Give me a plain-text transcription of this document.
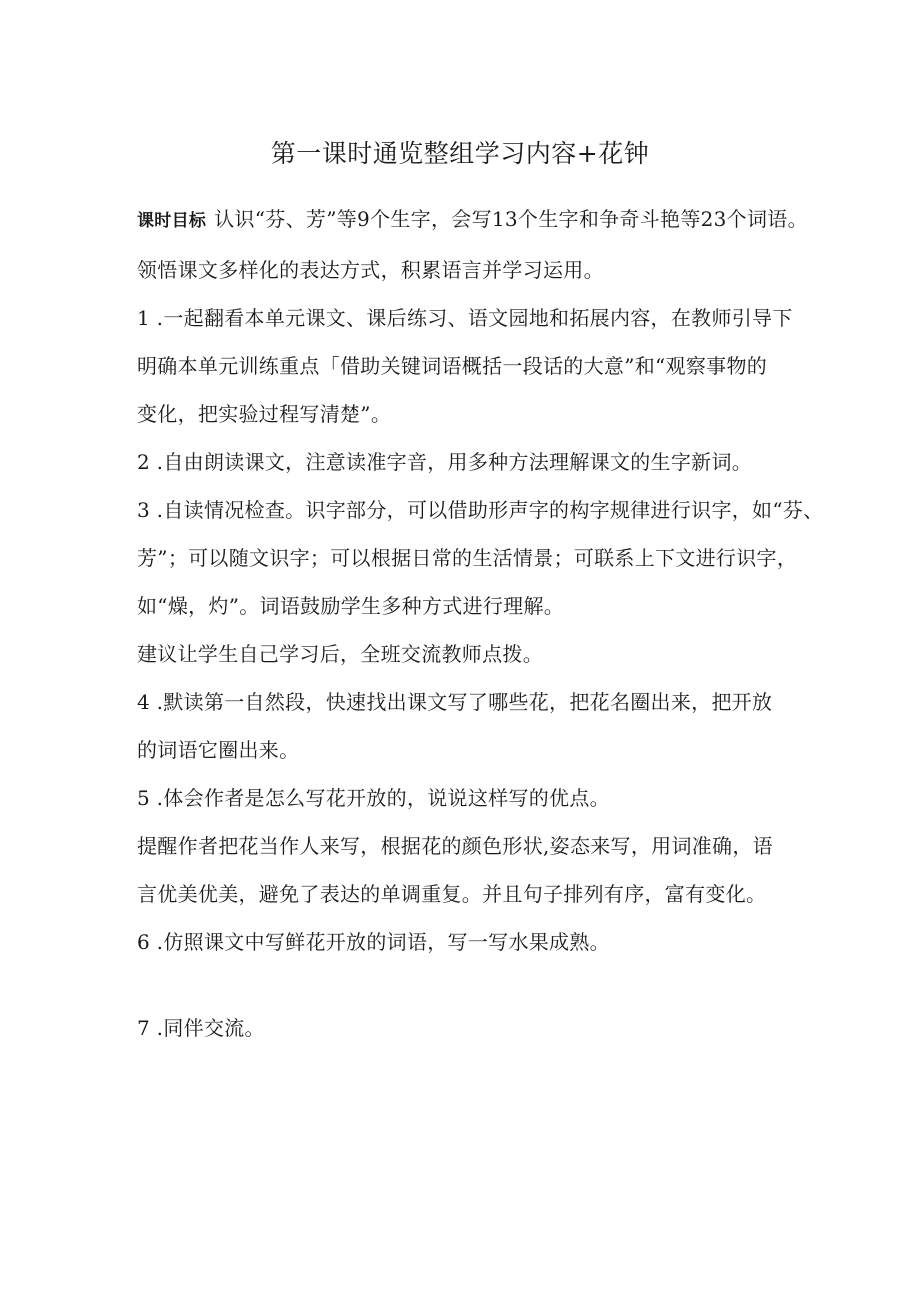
第一课时通览整组学习内容+花钟
课时目标 认识“芬、芳”等9个生字，会写13个生字和争奇斗艳等23个词语。
领悟课文多样化的表达方式，积累语言并学习运用。
1 .一起翻看本单元课文、课后练习、语文园地和拓展内容，在教师引导下
明确本单元训练重点「借助关键词语概括一段话的大意”和“观察事物的
变化，把实验过程写清楚”。
2 .自由朗读课文，注意读准字音，用多种方法理解课文的生字新词。
3 .自读情况检查。识字部分，可以借助形声字的构字规律进行识字，如“芬、
芳”；可以随文识字；可以根据日常的生活情景；可联系上下文进行识字，
如“燥，灼”。词语鼓励学生多种方式进行理解。
建议让学生自己学习后，全班交流教师点拨。
4 .默读第一自然段，快速找出课文写了哪些花，把花名圈出来，把开放
的词语它圈出来。
5 .体会作者是怎么写花开放的，说说这样写的优点。
提醒作者把花当作人来写，根据花的颜色形状,姿态来写，用词准确，语
言优美优美，避免了表达的单调重复。并且句子排列有序，富有变化。
6 .仿照课文中写鲜花开放的词语，写一写水果成熟。
7 .同伴交流。
